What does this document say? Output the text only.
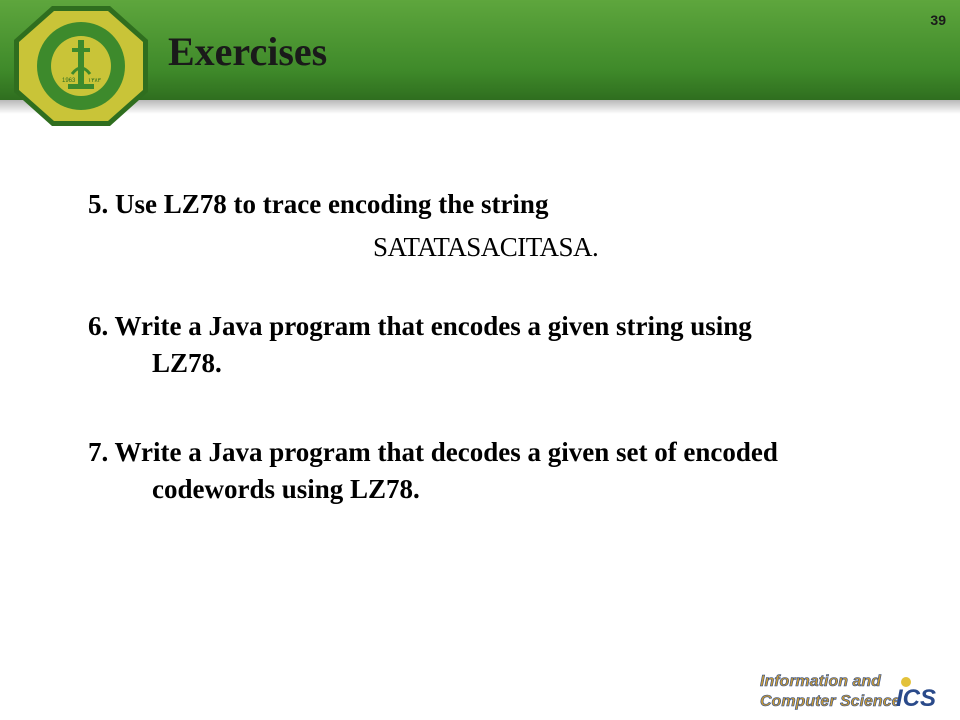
1963 ١٣٨٣
39
Exercises

5. Use LZ78 to trace encoding the string
SATATASACITASA.

6. Write a Java program that encodes a given string using
LZ78.

7. Write a Java program that decodes a given set of encoded
codewords using LZ78.

Information and
Computer Science
ICS
